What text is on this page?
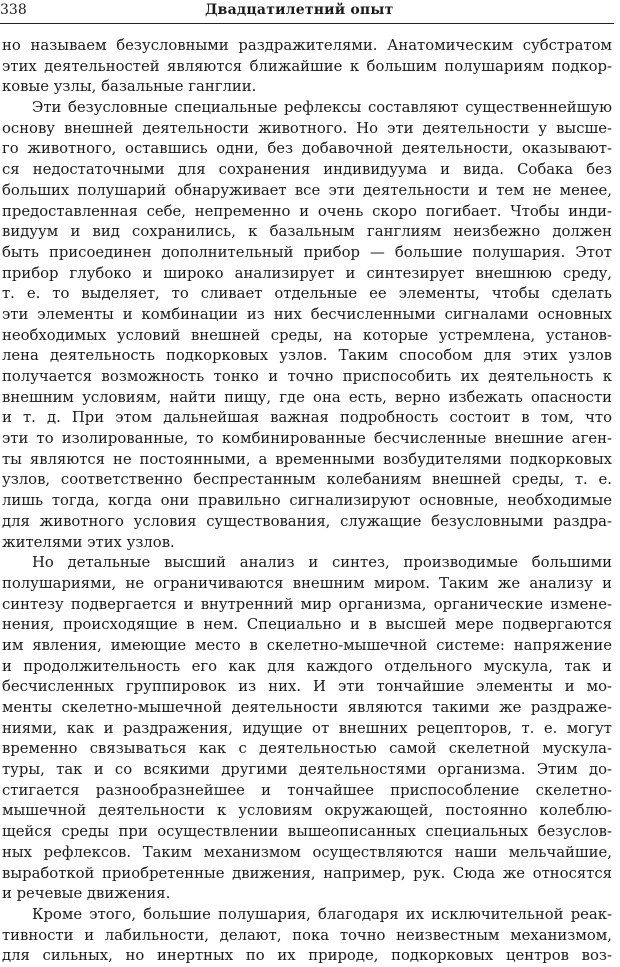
338	Двадцатилетний опыт
но называем безусловными раздражителями. Анатомическим субстратом
этих деятельностей являются ближайшие к большим полушариям подкор-
ковые узлы, базальные ганглии.
Эти безусловные специальные рефлексы составляют существеннейшую
основу внешней деятельности животного. Но эти деятельности у высше-
го животного, оставшись одни, без добавочной деятельности, оказывают-
ся недостаточными для сохранения индивидуума и вида. Собака без
больших полушарий обнаруживает все эти деятельности и тем не менее,
предоставленная себе, непременно и очень скоро погибает. Чтобы инди-
видуум и вид сохранились, к базальным ганглиям неизбежно должен
быть присоединен дополнительный прибор — большие полушария. Этот
прибор глубоко и широко анализирует и синтезирует внешнюю среду,
т. е. то выделяет, то сливает отдельные ее элементы, чтобы сделать
эти элементы и комбинации из них бесчисленными сигналами основных
необходимых условий внешней среды, на которые устремлена, установ-
лена деятельность подкорковых узлов. Таким способом для этих узлов
получается возможность тонко и точно приспособить их деятельность к
внешним условиям, найти пищу, где она есть, верно избежать опасности
и т. д. При этом дальнейшая важная подробность состоит в том, что
эти то изолированные, то комбинированные бесчисленные внешние аген-
ты являются не постоянными, а временными возбудителями подкорковых
узлов, соответственно беспрестанным колебаниям внешней среды, т. е.
лишь тогда, когда они правильно сигнализируют основные, необходимые
для животного условия существования, служащие безусловными раздра-
жителями этих узлов.
Но детальные высший анализ и синтез, производимые большими
полушариями, не ограничиваются внешним миром. Таким же анализу и
синтезу подвергается и внутренний мир организма, органические измене-
нения, происходящие в нем. Специально и в высшей мере подвергаются
им явления, имеющие место в скелетно-мышечной системе: напряжение
и продолжительность его как для каждого отдельного мускула, так и
бесчисленных группировок из них. И эти тончайшие элементы и мо-
менты скелетно-мышечной деятельности являются такими же раздраже-
ниями, как и раздражения, идущие от внешних рецепторов, т. е. могут
временно связываться как с деятельностью самой скелетной мускула-
туры, так и со всякими другими деятельностями организма. Этим до-
стигается разнообразнейшее и тончайшее приспособление скелетно-
мышечной деятельности к условиям окружающей, постоянно колеблю-
щейся среды при осуществлении вышеописанных специальных безуслов-
ных рефлексов. Таким механизмом осуществляются наши мельчайшие,
выработкой приобретенные движения, например, рук. Сюда же относятся
и речевые движения.
Кроме этого, большие полушария, благодаря их исключительной реак-
тивности и лабильности, делают, пока точно неизвестным механизмом,
для сильных, но инертных по их природе, подкорковых центров воз-
